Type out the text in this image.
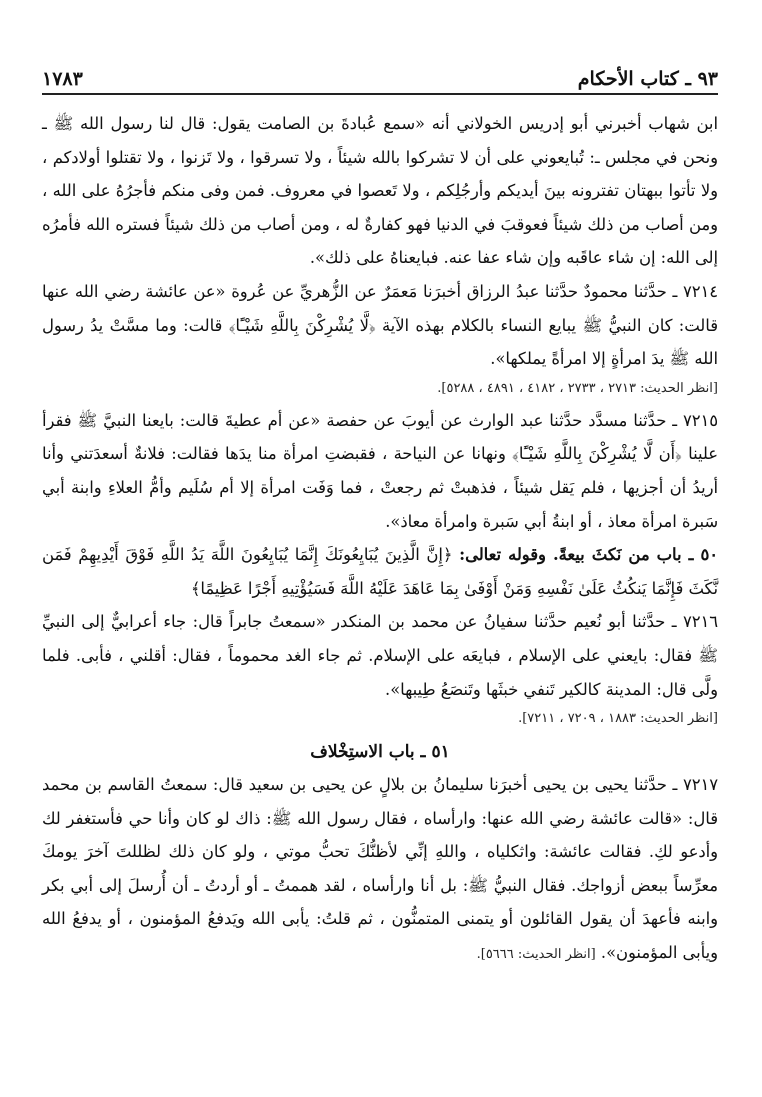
٩٣ ـ كتاب الأحكام
١٧٨٣

ابن شهاب أخبرني أبو إدريس الخولاني أنه «سمع عُبادةَ بن الصامت يقول: قال لنا رسول الله ﷺ ـ ونحن في مجلس ـ: تُبايعوني على أن لا تشركوا بالله شيئاً ، ولا تسرقوا ، ولا تَزنوا ، ولا تقتلوا أولادكم ، ولا تأتوا ببهتان تفترونه بينَ أيديكم وأرجُلِكم ، ولا تَعصوا في معروف. فمن وفى منكم فأجرُهُ على الله ، ومن أصاب من ذلك شيئاً فعوقبَ في الدنيا فهو كفارةٌ له ، ومن أصاب من ذلك شيئاً فستره الله فأمرُه إلى الله: إن شاء عاقَبه وإن شاء عفا عنه. فبايعناهُ على ذلك».

٧٢١٤ ـ حدَّثنا محمودٌ حدَّثنا عبدُ الرزاق أخبرَنا مَعمَرٌ عن الزُّهريِّ عن عُروة «عن عائشة رضي الله عنها قالت: كان النبيُّ ﷺ يبايع النساء بالكلام بهذه الآية ﴿لَّا يُشْرِكْنَ بِاللَّهِ شَيْـًٔا﴾ قالت: وما مسَّتْ يدُ رسول الله ﷺ يدَ امرأةٍ إلا امرأةً يملكها».

[انظر الحديث: ٢٧١٣ ، ٢٧٣٣ ، ٤١٨٢ ، ٤٨٩١ ، ٥٢٨٨].

٧٢١٥ ـ حدَّثنا مسدَّد حدَّثنا عبد الوارث عن أيوبَ عن حفصة «عن أم عطيةَ قالت: بايعنا النبيَّ ﷺ فقرأ علينا ﴿أَن لَّا يُشْرِكْنَ بِاللَّهِ شَيْـًٔا﴾ ونهانا عن النياحة ، فقبضتِ امرأة منا يدَها فقالت: فلانةٌ أسعدَتني وأنا أريدُ أن أجزيها ، فلم يَقل شيئاً ، فذهبتْ ثم رجعتْ ، فما وَفَت امرأة إلا أم سُلَيم وأمُّ العلاءِ وابنة أبي سَبرة امرأة معاذ ، أو ابنةُ أبي سَبرة وامرأة معاذ».

٥٠ ـ باب من نَكثَ بيعةً. وقوله تعالى: ﴿إِنَّ الَّذِينَ يُبَايِعُونَكَ إِنَّمَا يُبَايِعُونَ اللَّهَ يَدُ اللَّهِ فَوْقَ أَيْدِيهِمْ فَمَن نَّكَثَ فَإِنَّمَا يَنكُثُ عَلَىٰ نَفْسِهِ وَمَنْ أَوْفَىٰ بِمَا عَاهَدَ عَلَيْهُ اللَّهَ فَسَيُؤْتِيهِ أَجْرًا عَظِيمًا﴾

٧٢١٦ ـ حدَّثنا أبو نُعيم حدَّثنا سفيانُ عن محمد بن المنكدر «سمعتُ جابراً قال: جاء أعرابيٌّ إلى النبيِّ ﷺ فقال: بايعني على الإسلام ، فبايعَه على الإسلام. ثم جاء الغد محموماً ، فقال: أقلني ، فأبى. فلما ولَّى قال: المدينة كالكير تَنفي خبثَها وتَنصَعُ طِيبها».

[انظر الحديث: ١٨٨٣ ، ٧٢٠٩ ، ٧٢١١].

٥١ ـ باب الاستِخْلاف

٧٢١٧ ـ حدَّثنا يحيى بن يحيى أخبرَنا سليمانُ بن بلالٍ عن يحيى بن سعيد قال: سمعتُ القاسم بن محمد قال: «قالت عائشة رضي الله عنها: وارأساه ، فقال رسول الله ﷺ: ذاك لو كان وأنا حي فأستغفر لك وأدعو لكِ. فقالت عائشة: واثكلياه ، واللهِ إنِّي لأظنُّكَ تحبُّ موتي ، ولو كان ذلك لظللتَ آخرَ يومكَ معرِّساً ببعض أزواجك. فقال النبيُّ ﷺ: بل أنا وارأساه ، لقد هممتُ ـ أو أردتُ ـ أن أُرسلَ إلى أبي بكر وابنه فأعهدَ أن يقول القائلون أو يتمنى المتمنُّون ، ثم قلتُ: يأبى الله ويَدفعُ المؤمنون ، أو يدفعُ الله ويأبى المؤمنون». [انظر الحديث: ٥٦٦٦].
